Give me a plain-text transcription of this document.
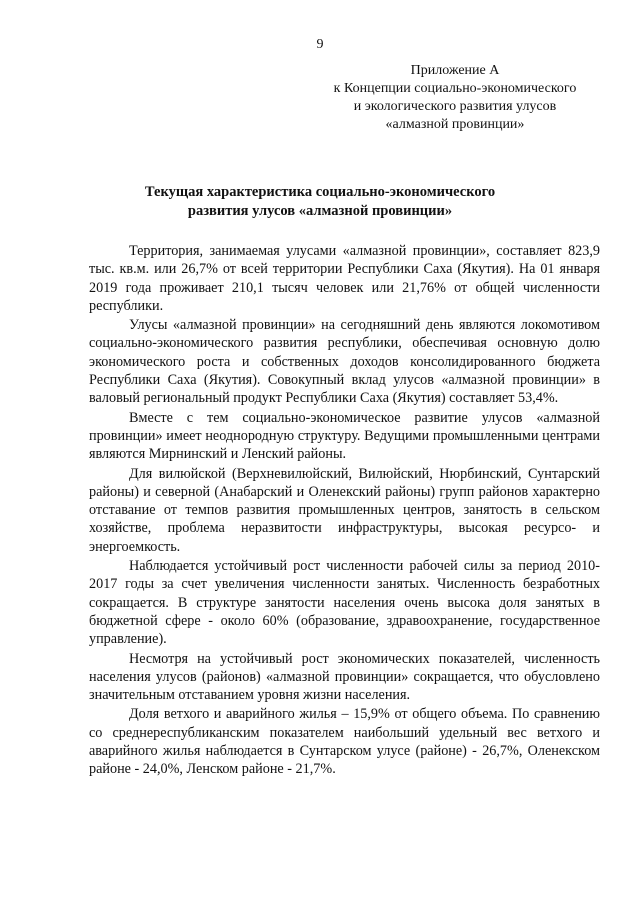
9
Приложение А
к Концепции социально-экономического
и экологического развития улусов
«алмазной провинции»
Текущая характеристика социально-экономического
развития улусов «алмазной провинции»

Территория, занимаемая улусами «алмазной провинции», составляет 823,9 тыс. кв.м. или 26,7% от всей территории Республики Саха (Якутия). На 01 января 2019 года проживает 210,1 тысяч человек или 21,76% от общей численности республики.

Улусы «алмазной провинции» на сегодняшний день являются локомотивом социально-экономического развития республики, обеспечивая основную долю экономического роста и собственных доходов консолидированного бюджета Республики Саха (Якутия). Совокупный вклад улусов «алмазной провинции» в валовый региональный продукт Республики Саха (Якутия) составляет 53,4%.

Вместе с тем социально-экономическое развитие улусов «алмазной провинции» имеет неоднородную структуру. Ведущими промышленными центрами являются Мирнинский и Ленский районы.

Для вилюйской (Верхневилюйский, Вилюйский, Нюрбинский, Сунтарский районы) и северной (Анабарский и Оленекский районы) групп районов характерно отставание от темпов развития промышленных центров, занятость в сельском хозяйстве, проблема неразвитости инфраструктуры, высокая ресурсо- и энергоемкость.

Наблюдается устойчивый рост численности рабочей силы за период 2010-2017 годы за счет увеличения численности занятых. Численность безработных сокращается. В структуре занятости населения очень высока доля занятых в бюджетной сфере - около 60% (образование, здравоохранение, государственное управление).

Несмотря на устойчивый рост экономических показателей, численность населения улусов (районов) «алмазной провинции» сокращается, что обусловлено значительным отставанием уровня жизни населения.

Доля ветхого и аварийного жилья – 15,9% от общего объема. По сравнению со среднереспубликанским показателем наибольший удельный вес ветхого и аварийного жилья наблюдается в Сунтарском улусе (районе) - 26,7%, Оленекском районе - 24,0%, Ленском районе - 21,7%.
